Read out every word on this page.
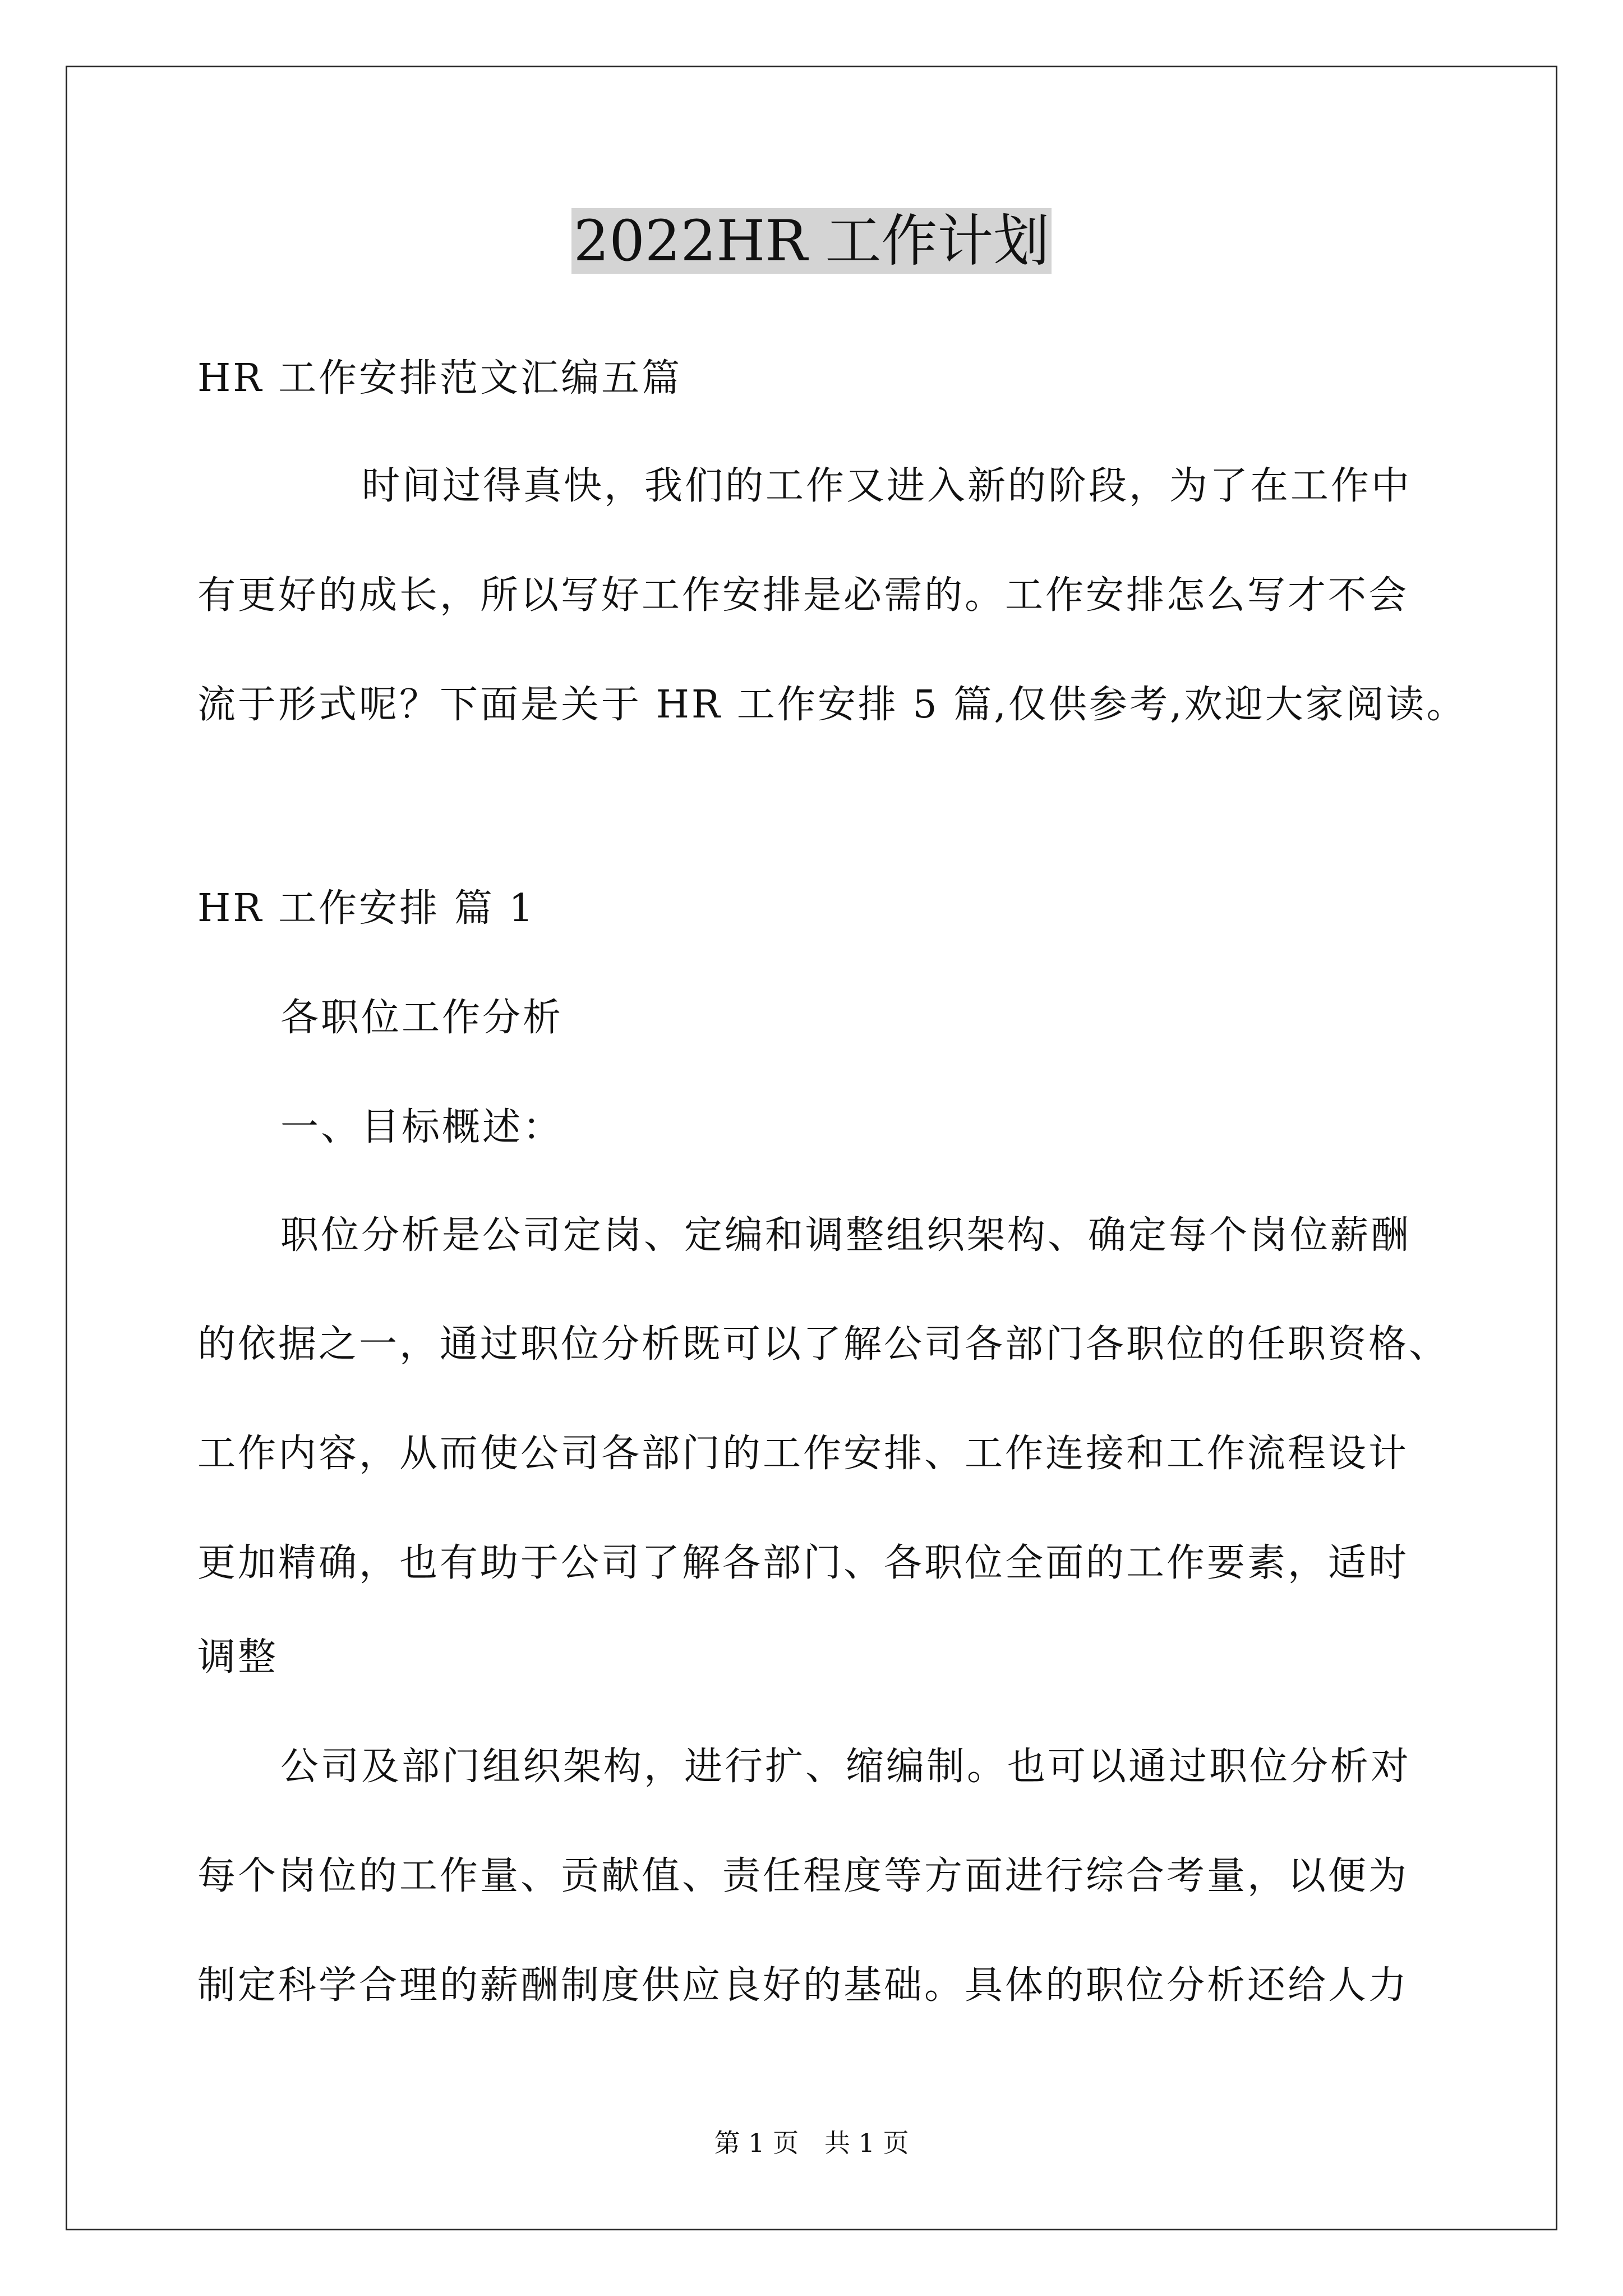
2022HR 工作计划
HR 工作安排范文汇编五篇
时间过得真快，我们的工作又进入新的阶段，为了在工作中
有更好的成长，所以写好工作安排是必需的。工作安排怎么写才不会
流于形式呢？下面是关于 HR 工作安排 5 篇,仅供参考,欢迎大家阅读。
HR 工作安排 篇 1
各职位工作分析
一、目标概述：
职位分析是公司定岗、定编和调整组织架构、确定每个岗位薪酬
的依据之一，通过职位分析既可以了解公司各部门各职位的任职资格、
工作内容，从而使公司各部门的工作安排、工作连接和工作流程设计
更加精确，也有助于公司了解各部门、各职位全面的工作要素，适时
调整
公司及部门组织架构，进行扩、缩编制。也可以通过职位分析对
每个岗位的工作量、贡献值、责任程度等方面进行综合考量，以便为
制定科学合理的薪酬制度供应良好的基础。具体的职位分析还给人力
第 1 页　共 1 页
